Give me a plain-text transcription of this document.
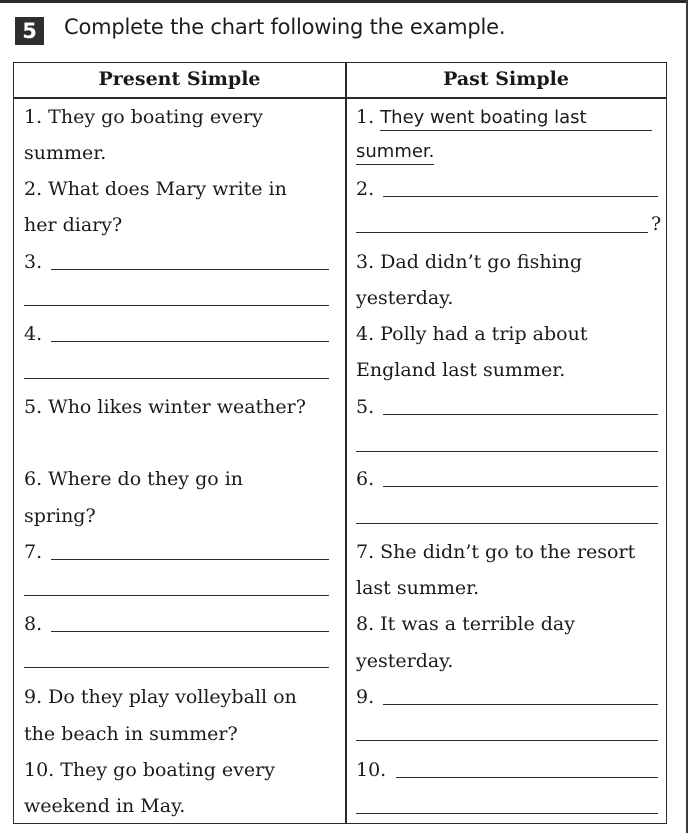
5 Complete the chart following the example.
Present Simple	Past Simple
1. They go boating every
summer.
2. What does Mary write in
her diary?
3.
4.
5. Who likes winter weather?
6. Where do they go in
spring?
7.
8.
9. Do they play volleyball on
the beach in summer?
10. They go boating every
weekend in May.
1. They went boating last
summer.
2.
?
3. Dad didn’t go fishing
yesterday.
4. Polly had a trip about
England last summer.
5.
6.
7. She didn’t go to the resort
last summer.
8. It was a terrible day
yesterday.
9.
10.
